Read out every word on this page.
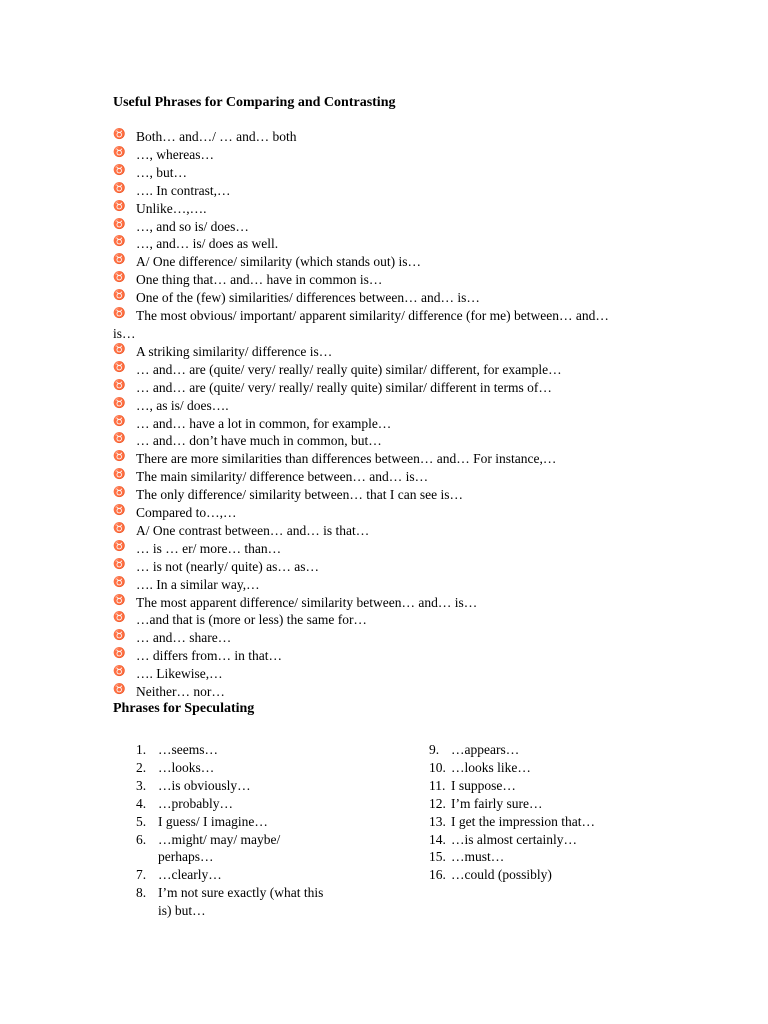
Useful Phrases for Comparing and Contrasting
♉ Both… and…/ … and… both
♉ …, whereas…
♉ …, but…
♉ …. In contrast,…
♉ Unlike…,….
♉ …, and so is/ does…
♉ …, and… is/ does as well.
♉ A/ One difference/ similarity (which stands out) is…
♉ One thing that… and… have in common is…
♉ One of the (few) similarities/ differences between… and… is…
♉ The most obvious/ important/ apparent similarity/ difference (for me) between… and… is…
♉ A striking similarity/ difference is…
♉ … and… are (quite/ very/ really/ really quite) similar/ different, for example…
♉ … and… are (quite/ very/ really/ really quite) similar/ different in terms of…
♉ …, as is/ does….
♉ … and… have a lot in common, for example…
♉ … and… don’t have much in common, but…
♉ There are more similarities than differences between… and… For instance,…
♉ The main similarity/ difference between… and… is…
♉ The only difference/ similarity between… that I can see is…
♉ Compared to…,…
♉ A/ One contrast between… and… is that…
♉ … is … er/ more… than…
♉ … is not (nearly/ quite) as… as…
♉ …. In a similar way,…
♉ The most apparent difference/ similarity between… and… is…
♉ …and that is (more or less) the same for…
♉ … and… share…
♉ … differs from… in that…
♉ …. Likewise,…
♉ Neither… nor…
Phrases for Speculating
1. …seems…
2. …looks…
3. …is obviously…
4. …probably…
5. I guess/ I imagine…
6. …might/ may/ maybe/ perhaps…
7. …clearly…
8. I’m not sure exactly (what this is) but…
9. …appears…
10. …looks like…
11. I suppose…
12. I’m fairly sure…
13. I get the impression that…
14. …is almost certainly…
15. …must…
16. …could (possibly)
